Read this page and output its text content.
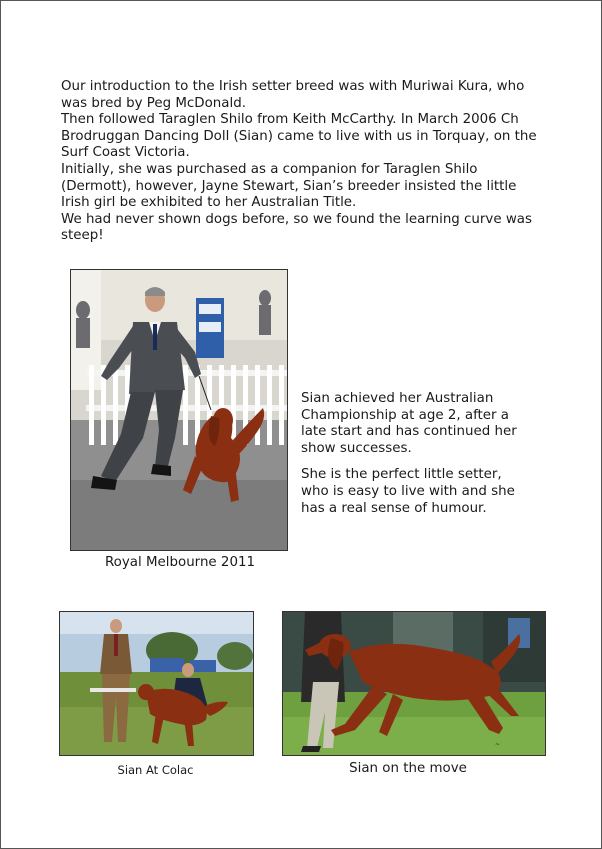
Our introduction to the Irish setter breed was with Muriwai Kura, who was bred by Peg McDonald.

Then followed Taraglen Shilo from Keith McCarthy. In March 2006 Ch Brodruggan Dancing Doll (Sian) came to live with us in Torquay, on the Surf Coast Victoria.

Initially, she was purchased as a companion for Taraglen Shilo (Dermott), however, Jayne Stewart, Sian’s breeder insisted the little Irish girl be exhibited to her Australian Title.

We had never shown dogs before, so we found the learning curve was steep!

Royal Melbourne 2011

Sian achieved her Australian Championship at age 2, after a late start and has continued her show successes.

She is the perfect little setter, who is easy to live with and she has a real sense of humour.

Sian At Colac
~
Sian on the move
